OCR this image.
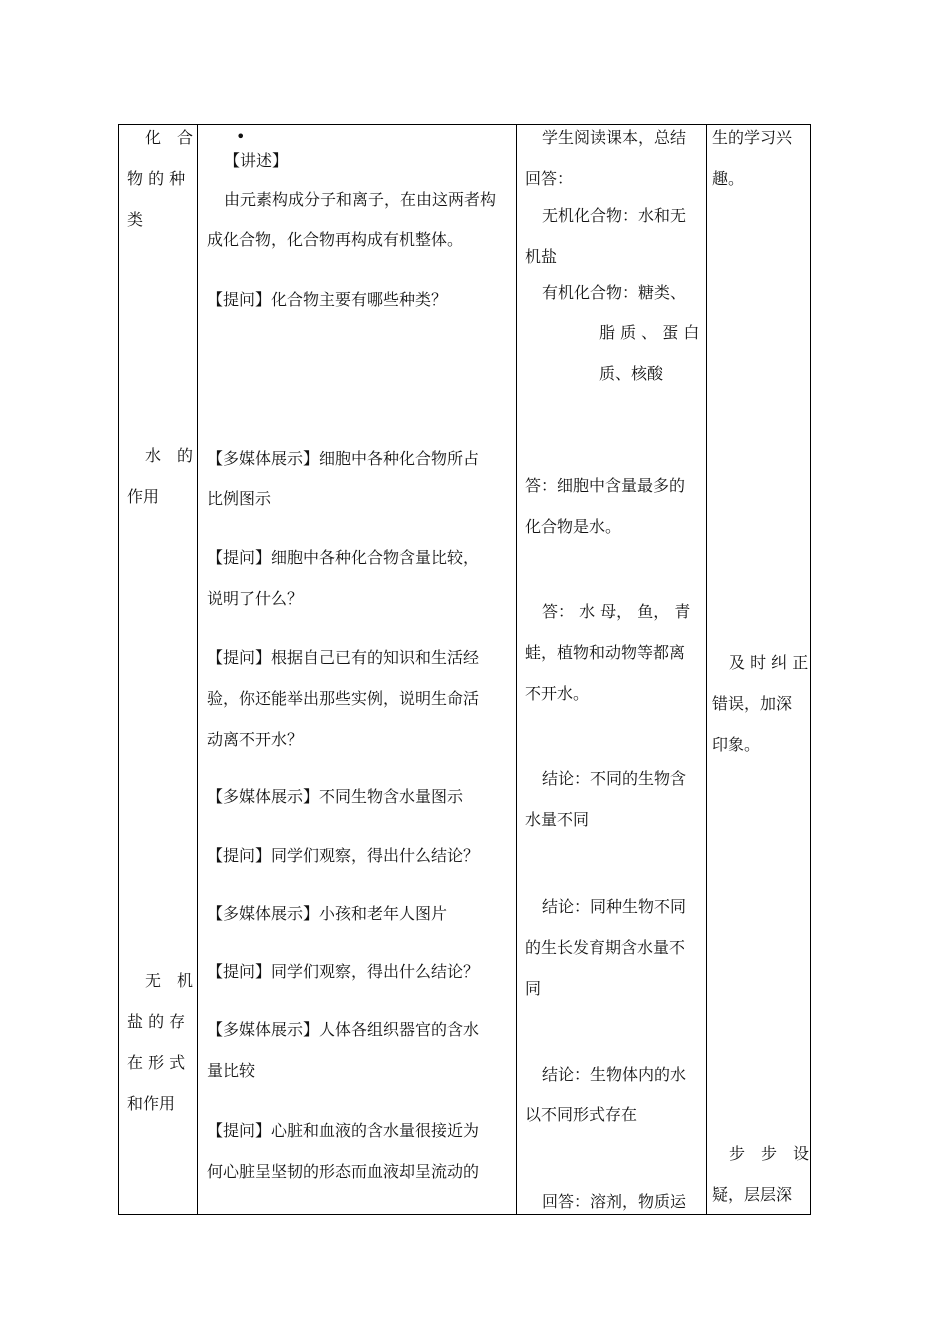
化　合
物 的 种
类
水　的
作用
无　机
盐 的 存
在 形 式
和作用
•
【讲述】
由元素构成分子和离子，在由这两者构
成化合物，化合物再构成有机整体。
【提问】化合物主要有哪些种类？
【多媒体展示】细胞中各种化合物所占
比例图示
【提问】细胞中各种化合物含量比较，
说明了什么？
【提问】根据自己已有的知识和生活经
验，你还能举出那些实例，说明生命活
动离不开水？
【多媒体展示】不同生物含水量图示
【提问】同学们观察，得出什么结论？
【多媒体展示】小孩和老年人图片
【提问】同学们观察，得出什么结论？
【多媒体展示】人体各组织器官的含水
量比较
【提问】心脏和血液的含水量很接近为
何心脏呈坚韧的形态而血液却呈流动的
学生阅读课本，总结
回答：
无机化合物：水和无
机盐
有机化合物：糖类、
脂 质 、 蛋 白
质、核酸
答：细胞中含量最多的
化合物是水。
答： 水 母， 鱼， 青
蛙，植物和动物等都离
不开水。
结论：不同的生物含
水量不同
结论：同种生物不同
的生长发育期含水量不
同
结论：生物体内的水
以不同形式存在
回答：溶剂，物质运
生的学习兴
趣。
及 时 纠 正
错误，加深
印象。
步　步　设
疑，层层深
